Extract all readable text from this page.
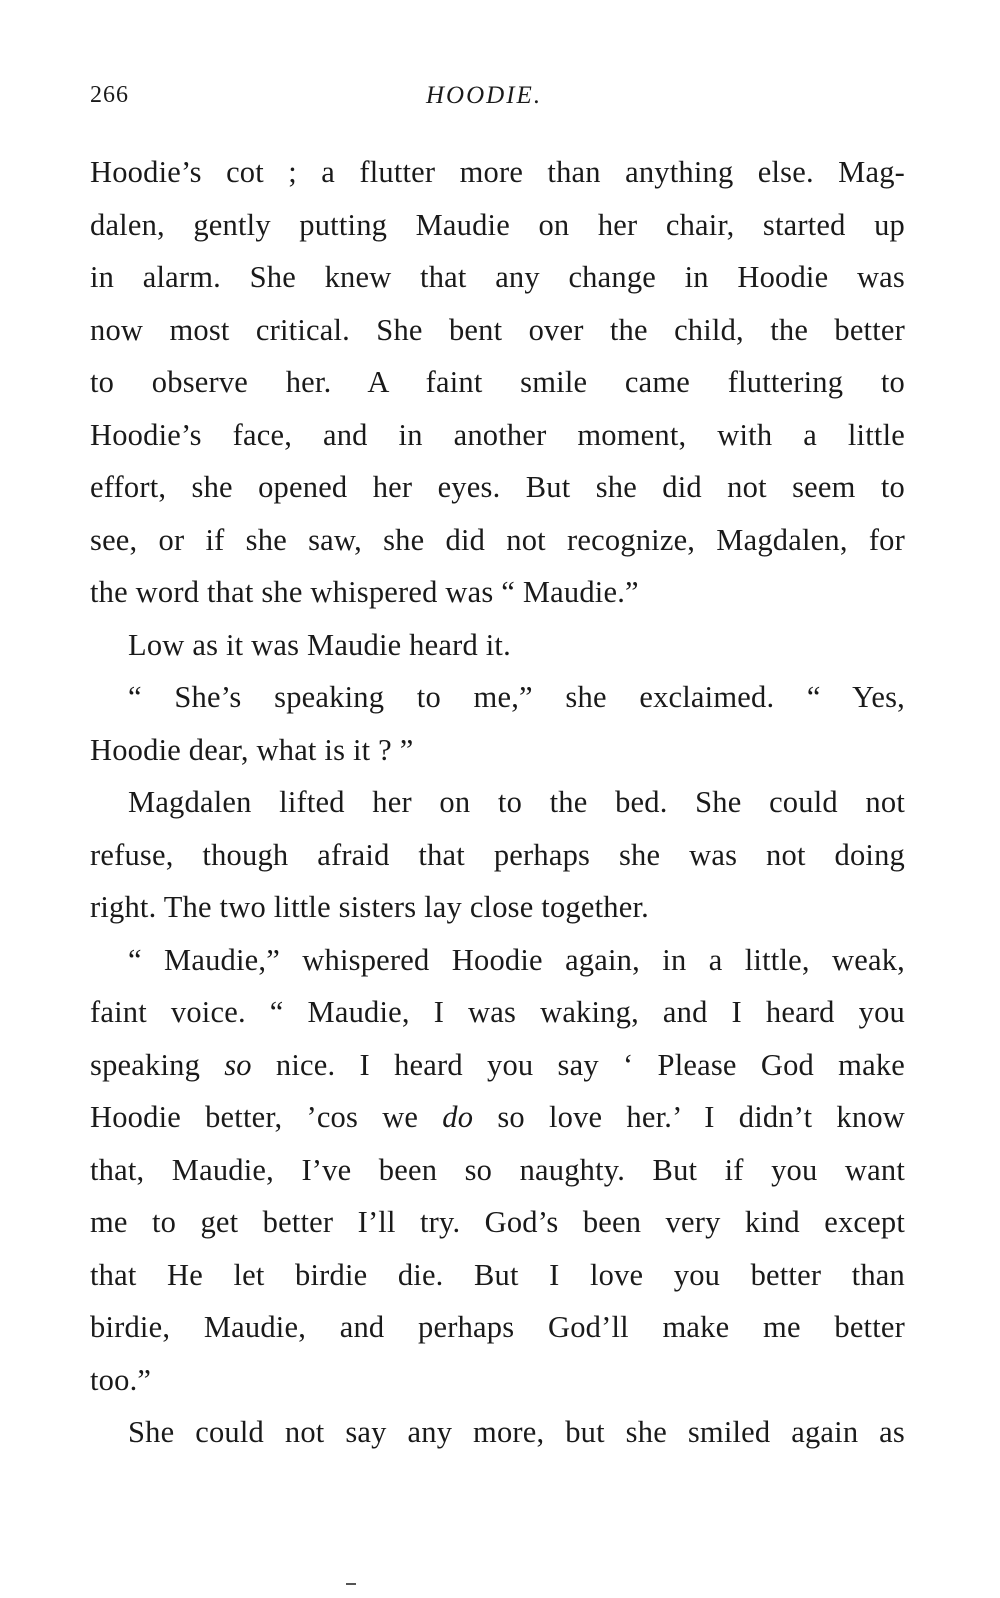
266	HOODIE.
Hoodie’s cot ; a flutter more than anything else. Mag-
dalen, gently putting Maudie on her chair, started up
in alarm. She knew that any change in Hoodie was
now most critical. She bent over the child, the better
to observe her. A faint smile came fluttering to
Hoodie’s face, and in another moment, with a little
effort, she opened her eyes. But she did not seem to
see, or if she saw, she did not recognize, Magdalen, for
the word that she whispered was “ Maudie.”
Low as it was Maudie heard it.
“ She’s speaking to me,” she exclaimed. “ Yes,
Hoodie dear, what is it ? ”
Magdalen lifted her on to the bed. She could not
refuse, though afraid that perhaps she was not doing
right. The two little sisters lay close together.
“ Maudie,” whispered Hoodie again, in a little, weak,
faint voice. “ Maudie, I was waking, and I heard you
speaking so nice. I heard you say ‘ Please God make
Hoodie better, ’cos we do so love her.’ I didn’t know
that, Maudie, I’ve been so naughty. But if you want
me to get better I’ll try. God’s been very kind except
that He let birdie die. But I love you better than
birdie, Maudie, and perhaps God’ll make me better
too.”
She could not say any more, but she smiled again as
